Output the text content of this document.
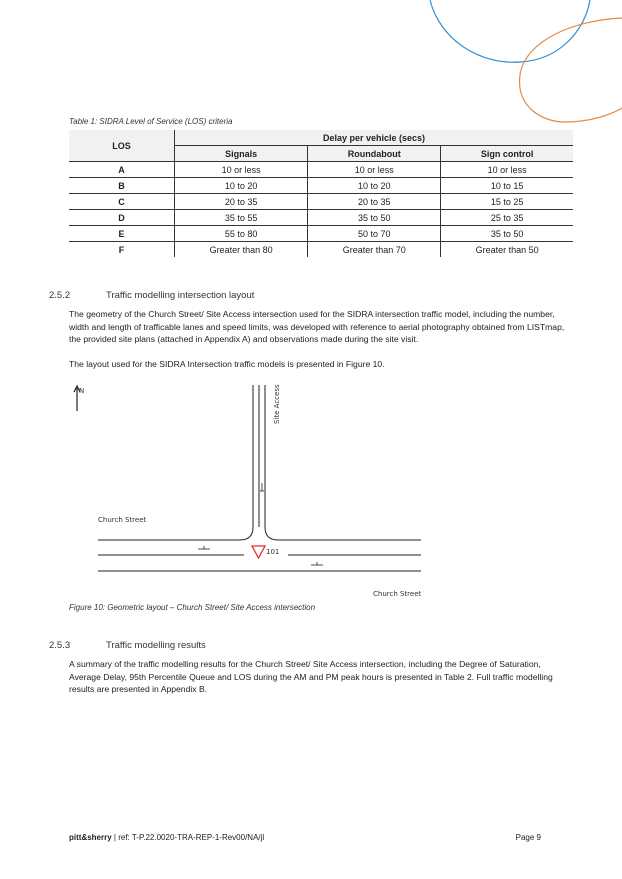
Table 1: SIDRA Level of Service (LOS) criteria
LOS	Delay per vehicle (secs)		
	Signals	Roundabout	Sign control
A	10 or less	10 or less	10 or less
B	10 to 20	10 to 20	10 to 15
C	20 to 35	20 to 35	15 to 25
D	35 to 55	35 to 50	25 to 35
E	55 to 80	50 to 70	35 to 50
F	Greater than 80	Greater than 70	Greater than 50
2.5.2	Traffic modelling intersection layout
The geometry of the Church Street/ Site Access intersection used for the SIDRA intersection traffic model, including the number, width and length of trafficable lanes and speed limits, was developed with reference to aerial photography obtained from LISTmap, the provided site plans (attached in Appendix A) and observations made during the site visit.
The layout used for the SIDRA Intersection traffic models is presented in Figure 10.
N	Site Access
101
Church Street
Church Street
Figure 10: Geometric layout – Church Street/ Site Access intersection
2.5.3	Traffic modelling results
A summary of the traffic modelling results for the Church Street/ Site Access intersection, including the Degree of Saturation, Average Delay, 95th Percentile Queue and LOS during the AM and PM peak hours is presented in Table 2. Full traffic modelling results are presented in Appendix B.
pitt&sherry | ref: T-P.22.0020-TRA-REP-1-Rev00/NA/jl	Page 9
